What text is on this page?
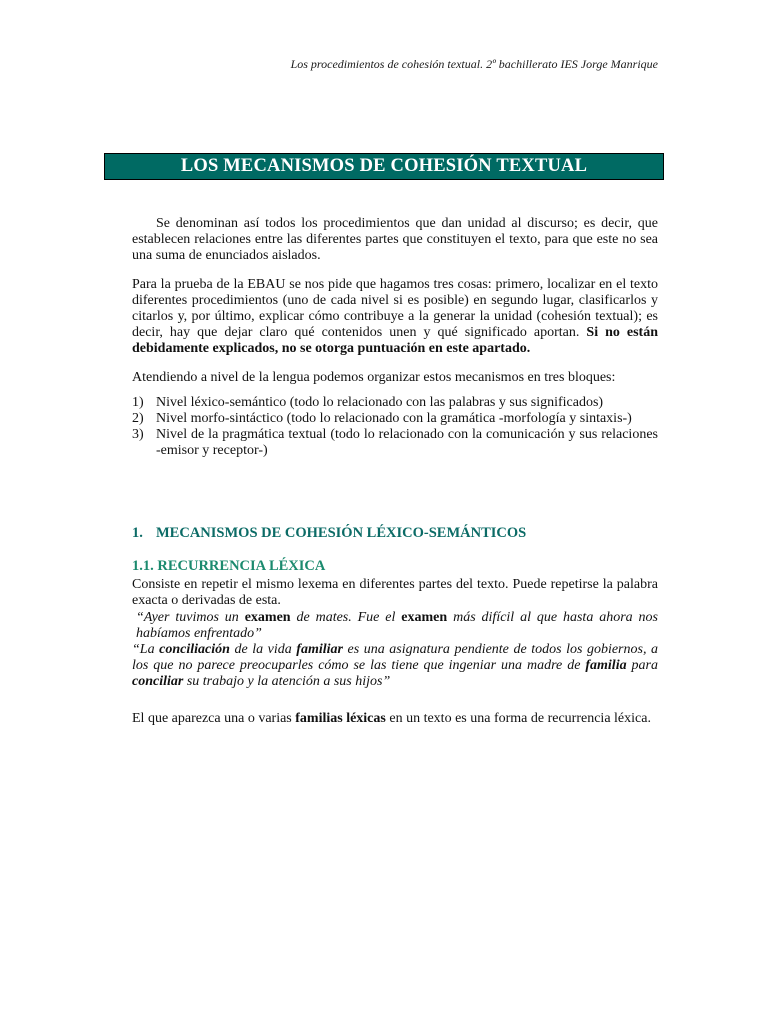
Los procedimientos de cohesión textual. 2º bachillerato IES Jorge Manrique
LOS MECANISMOS DE COHESIÓN TEXTUAL
Se denominan así todos los procedimientos que dan unidad al discurso; es decir, que establecen relaciones entre las diferentes partes que constituyen el texto, para que este no sea una suma de enunciados aislados.
Para la prueba de la EBAU se nos pide que hagamos tres cosas: primero, localizar en el texto diferentes procedimientos (uno de cada nivel si es posible) en segundo lugar, clasificarlos y citarlos y, por último, explicar cómo contribuye a la generar la unidad (cohesión textual); es decir, hay que dejar claro qué contenidos unen y qué significado aportan. Si no están debidamente explicados, no se otorga puntuación en este apartado.
Atendiendo a nivel de la lengua podemos organizar estos mecanismos en tres bloques:
1) Nivel léxico-semántico (todo lo relacionado con las palabras y sus significados)
2) Nivel morfo-sintáctico (todo lo relacionado con la gramática -morfología y sintaxis-)
3) Nivel de la pragmática textual (todo lo relacionado con la comunicación y sus relaciones -emisor y receptor-)
1. MECANISMOS DE COHESIÓN LÉXICO-SEMÁNTICOS
1.1. RECURRENCIA LÉXICA
Consiste en repetir el mismo lexema en diferentes partes del texto. Puede repetirse la palabra exacta o derivadas de esta.
“Ayer tuvimos un examen de mates. Fue el examen más difícil al que hasta ahora nos habíamos enfrentado”
“La conciliación de la vida familiar es una asignatura pendiente de todos los gobiernos, a los que no parece preocuparles cómo se las tiene que ingeniar una madre de familia para conciliar su trabajo y la atención a sus hijos”
El que aparezca una o varias familias léxicas en un texto es una forma de recurrencia léxica.
